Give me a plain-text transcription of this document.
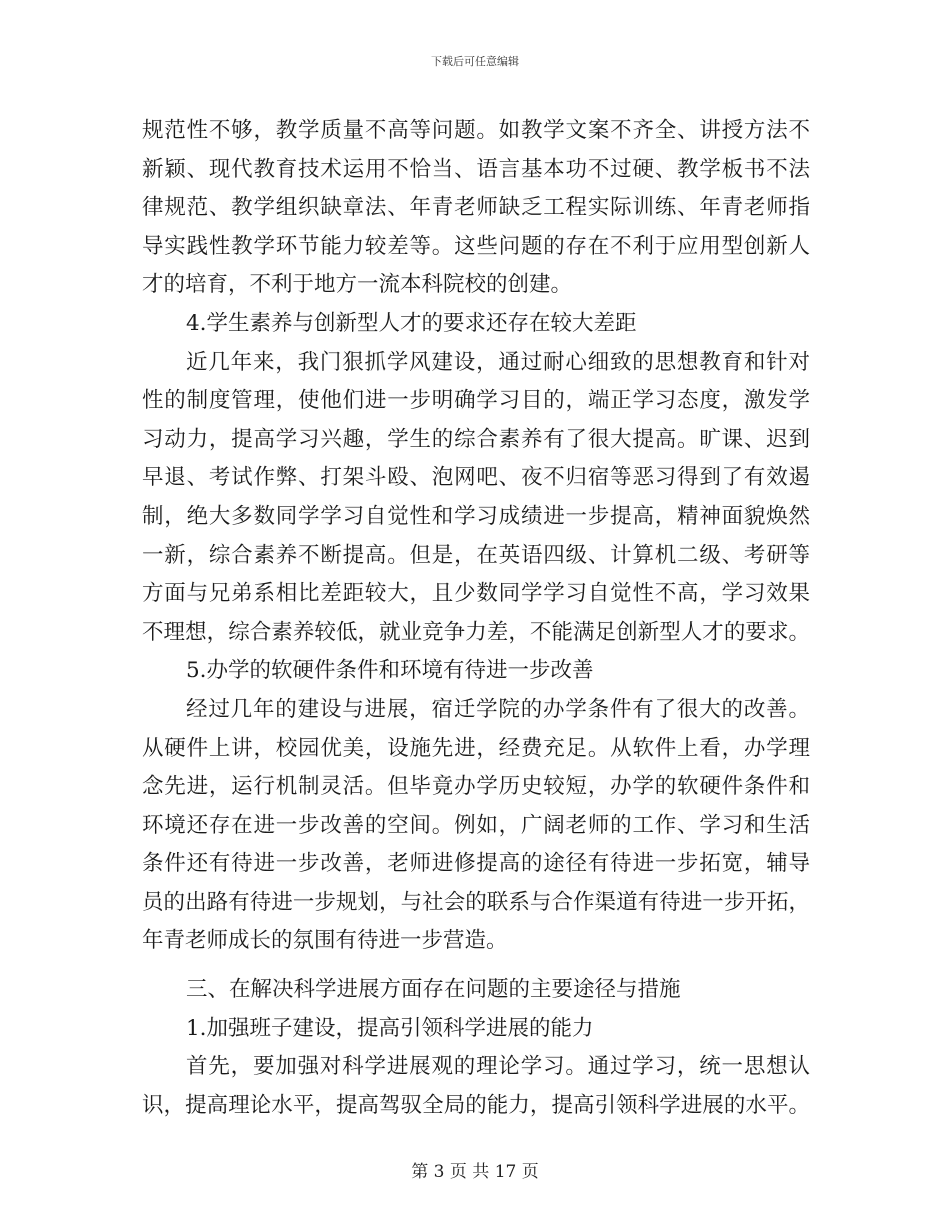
下载后可任意编辑
规范性不够，教学质量不高等问题。如教学文案不齐全、讲授方法不
新颖、现代教育技术运用不恰当、语言基本功不过硬、教学板书不法
律规范、教学组织缺章法、年青老师缺乏工程实际训练、年青老师指
导实践性教学环节能力较差等。这些问题的存在不利于应用型创新人
才的培育，不利于地方一流本科院校的创建。
4.学生素养与创新型人才的要求还存在较大差距
近几年来，我门狠抓学风建设，通过耐心细致的思想教育和针对
性的制度管理，使他们进一步明确学习目的，端正学习态度，激发学
习动力，提高学习兴趣，学生的综合素养有了很大提高。旷课、迟到
早退、考试作弊、打架斗殴、泡网吧、夜不归宿等恶习得到了有效遏
制，绝大多数同学学习自觉性和学习成绩进一步提高，精神面貌焕然
一新，综合素养不断提高。但是，在英语四级、计算机二级、考研等
方面与兄弟系相比差距较大，且少数同学学习自觉性不高，学习效果
不理想，综合素养较低，就业竞争力差，不能满足创新型人才的要求。
5.办学的软硬件条件和环境有待进一步改善
经过几年的建设与进展，宿迁学院的办学条件有了很大的改善。
从硬件上讲，校园优美，设施先进，经费充足。从软件上看，办学理
念先进，运行机制灵活。但毕竟办学历史较短，办学的软硬件条件和
环境还存在进一步改善的空间。例如，广阔老师的工作、学习和生活
条件还有待进一步改善，老师进修提高的途径有待进一步拓宽，辅导
员的出路有待进一步规划，与社会的联系与合作渠道有待进一步开拓，
年青老师成长的氛围有待进一步营造。
三、在解决科学进展方面存在问题的主要途径与措施
1.加强班子建设，提高引领科学进展的能力
首先，要加强对科学进展观的理论学习。通过学习，统一思想认
识，提高理论水平，提高驾驭全局的能力，提高引领科学进展的水平。
第 3 页 共 17 页
